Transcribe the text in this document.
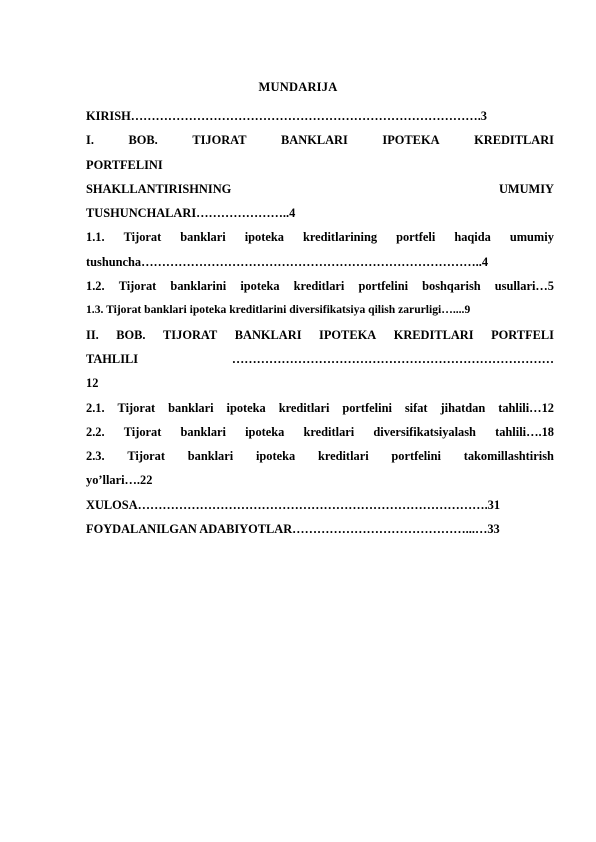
MUNDARIJA
KIRISH………………………………………………………………………….3
I.	BOB.	TIJORAT	BANKLARI	IPOTEKA	KREDITLARI
PORTFELINI
SHAKLLANTIRISHNING	UMUMIY
TUSHUNCHALARI…………………..4
1.1. Tijorat banklari ipoteka kreditlarining portfeli haqida umumiy
tushuncha………………………………………………………………………..4
1.2. Tijorat banklarini ipoteka kreditlari portfelini boshqarish usullari…5
1.3. Tijorat banklari ipoteka kreditlarini diversifikatsiya qilish zarurligi…....9
II. BOB. TIJORAT BANKLARI IPOTEKA KREDITLARI PORTFELI
TAHLILI	……………………………………………………………………
12
2.1. Tijorat banklari ipoteka kreditlari portfelini sifat jihatdan tahlili…12
2.2. Tijorat banklari ipoteka kreditlari diversifikatsiyalash tahlili….18
2.3. Tijorat banklari ipoteka kreditlari portfelini takomillashtirish
yo’llari….22
XULOSA………………………………………………………………………….31
FOYDALANILGAN ADABIYOTLAR……………………………………...…33
